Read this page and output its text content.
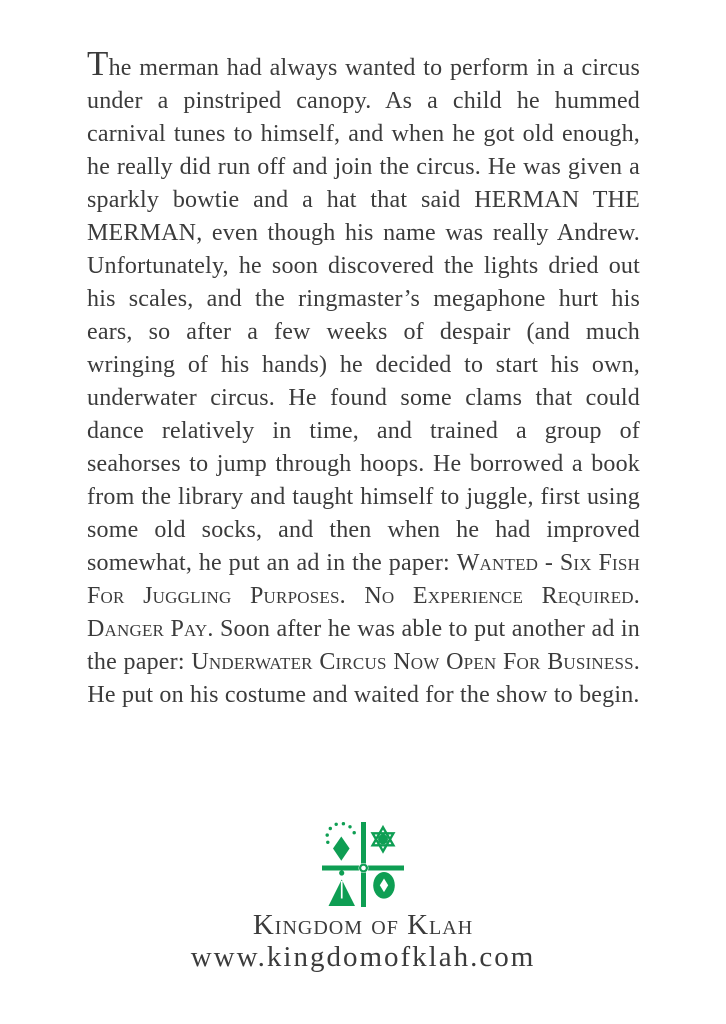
The merman had always wanted to perform in a circus under a pinstriped canopy. As a child he hummed carnival tunes to himself, and when he got old enough, he really did run off and join the circus. He was given a sparkly bowtie and a hat that said HERMAN THE MERMAN, even though his name was really Andrew. Unfortunately, he soon discovered the lights dried out his scales, and the ringmaster’s megaphone hurt his ears, so after a few weeks of despair (and much wringing of his hands) he decided to start his own, underwater circus. He found some clams that could dance relatively in time, and trained a group of seahorses to jump through hoops. He borrowed a book from the library and taught himself to juggle, first using some old socks, and then when he had improved somewhat, he put an ad in the paper: Wanted - Six Fish For Juggling Purposes. No Experience Required. Danger Pay. Soon after he was able to put another ad in the paper: Underwater Circus Now Open For Business. He put on his costume and waited for the show to begin.

Kingdom of Klah
www.kingdomofklah.com
